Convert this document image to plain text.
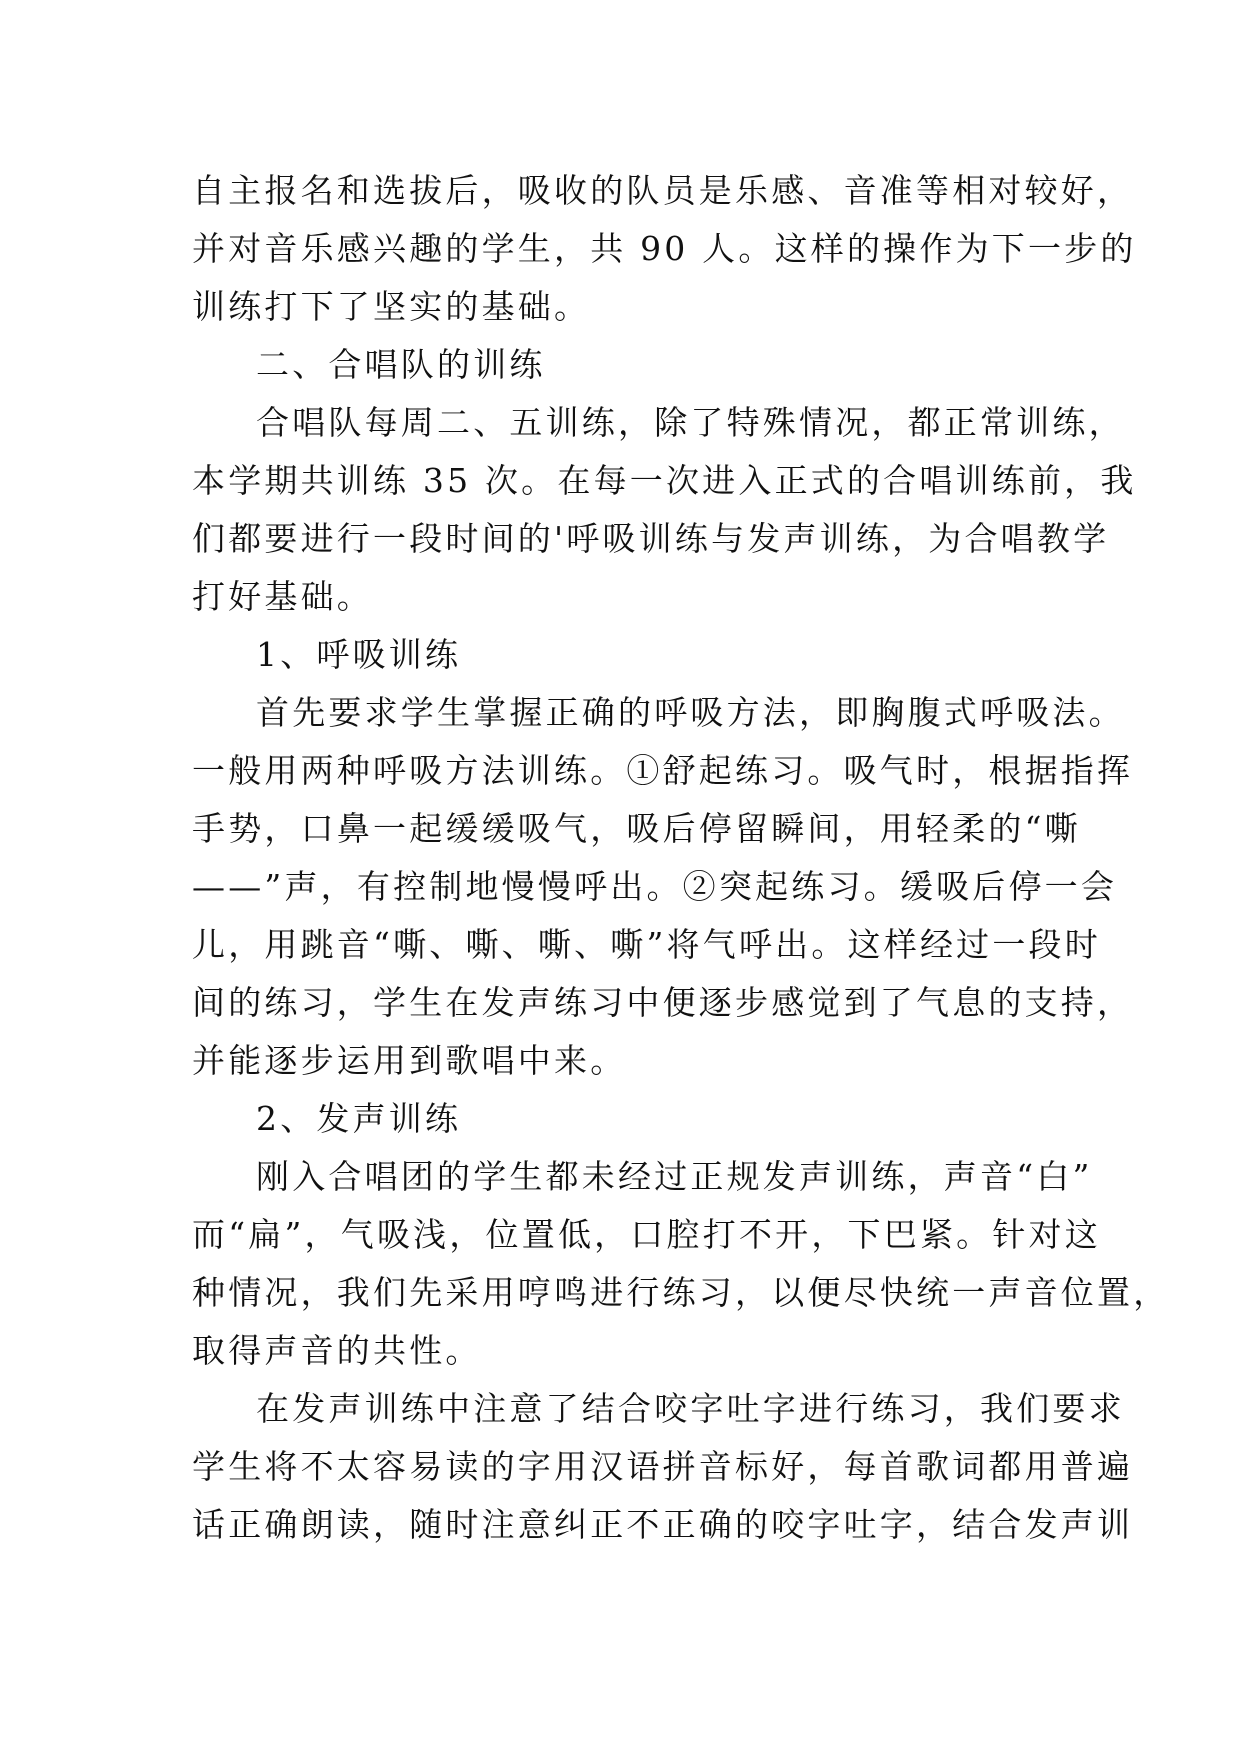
自主报名和选拔后，吸收的队员是乐感、音准等相对较好，
并对音乐感兴趣的学生，共 90 人。这样的操作为下一步的
训练打下了坚实的基础。
二、合唱队的训练
合唱队每周二、五训练，除了特殊情况，都正常训练，
本学期共训练 35 次。在每一次进入正式的合唱训练前，我
们都要进行一段时间的'呼吸训练与发声训练，为合唱教学
打好基础。
1、呼吸训练
首先要求学生掌握正确的呼吸方法，即胸腹式呼吸法。
一般用两种呼吸方法训练。①舒起练习。吸气时，根据指挥
手势，口鼻一起缓缓吸气，吸后停留瞬间，用轻柔的“嘶
——”声，有控制地慢慢呼出。②突起练习。缓吸后停一会
儿，用跳音“嘶、嘶、嘶、嘶”将气呼出。这样经过一段时
间的练习，学生在发声练习中便逐步感觉到了气息的支持，
并能逐步运用到歌唱中来。
2、发声训练
刚入合唱团的学生都未经过正规发声训练，声音“白”
而“扁”，气吸浅，位置低，口腔打不开，下巴紧。针对这
种情况，我们先采用哼鸣进行练习，以便尽快统一声音位置，
取得声音的共性。
在发声训练中注意了结合咬字吐字进行练习，我们要求
学生将不太容易读的字用汉语拼音标好，每首歌词都用普遍
话正确朗读，随时注意纠正不正确的咬字吐字，结合发声训
